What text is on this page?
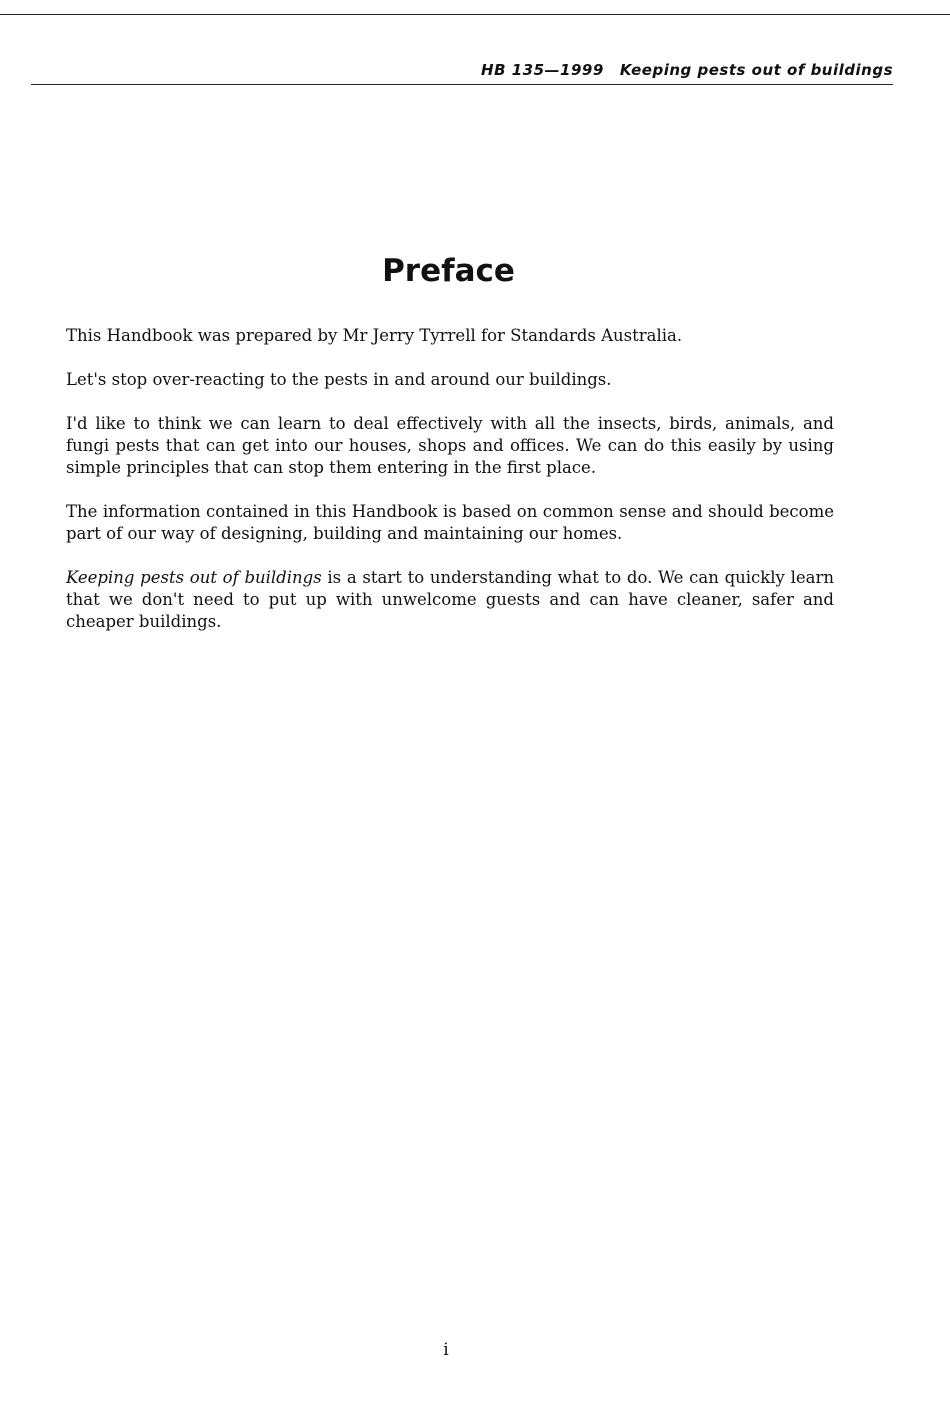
HB 135—1999 Keeping pests out of buildings
Preface

This Handbook was prepared by Mr Jerry Tyrrell for Standards Australia.

Let's stop over-reacting to the pests in and around our buildings.

I'd like to think we can learn to deal effectively with all the insects, birds, animals, and fungi pests that can get into our houses, shops and offices. We can do this easily by using simple principles that can stop them entering in the first place.

The information contained in this Handbook is based on common sense and should become part of our way of designing, building and maintaining our homes.

Keeping pests out of buildings is a start to understanding what to do. We can quickly learn that we don't need to put up with unwelcome guests and can have cleaner, safer and cheaper buildings.

i
